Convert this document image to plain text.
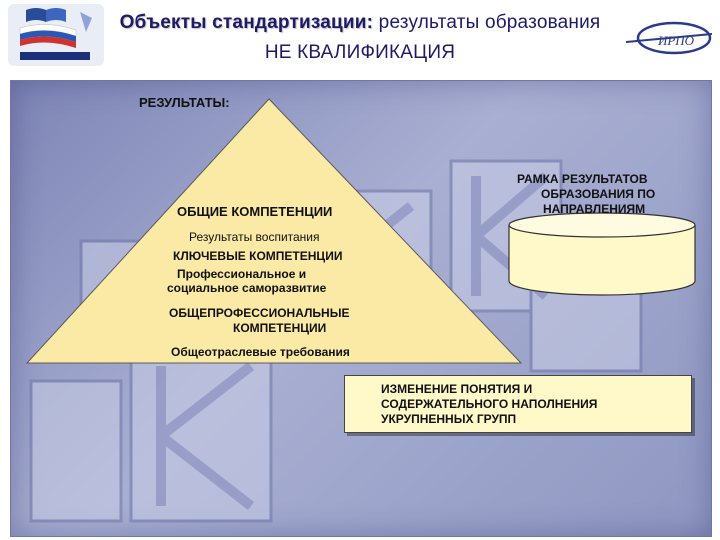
Объекты стандартизации: результаты образования
НЕ КВАЛИФИКАЦИЯ
ИРПО
РЕЗУЛЬТАТЫ:
ОБЩИЕ КОМПЕТЕНЦИИ
Результаты воспитания
КЛЮЧЕВЫЕ КОМПЕТЕНЦИИ
Профессиональное и
социальное саморазвитие
ОБЩЕПРОФЕССИОНАЛЬНЫЕ
КОМПЕТЕНЦИИ
Общеотраслевые требования
РАМКА РЕЗУЛЬТАТОВ
ОБРАЗОВАНИЯ ПО
НАПРАВЛЕНИЯМ
ИЗМЕНЕНИЕ ПОНЯТИЯ И
СОДЕРЖАТЕЛЬНОГО НАПОЛНЕНИЯ
УКРУПНЕННЫХ ГРУПП
